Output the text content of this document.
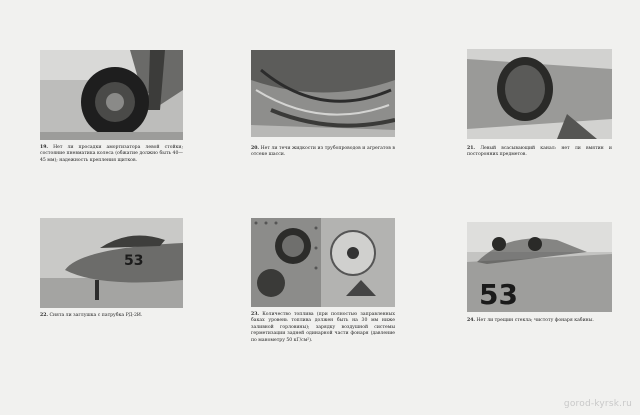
19. Нет ли просадки амортизатора левой стойки; состояние пневматика колеса (обжатие должно быть 40—45 мм); надежность крепления щитков.
20. Нет ли течи жидкости из трубопроводов и агрегатов в отсеке шасси.
21. Левый всасывающий канал: нет ли вмятин и посторонних предметов.
53
22. Снята ли заглушка с патрубка РД-2И.	23. Количество топлива (при полностью заправленных баках уровень топлива должен быть на 30 мм ниже заливной горловины); зарядку воздушной системы герметизации задней одинарной части фонаря (давление по манометру 50 кГ/см²).
53
24. Нет ли трещин стекла; чистоту фонаря кабины.
gorod-kyrsk.ru
